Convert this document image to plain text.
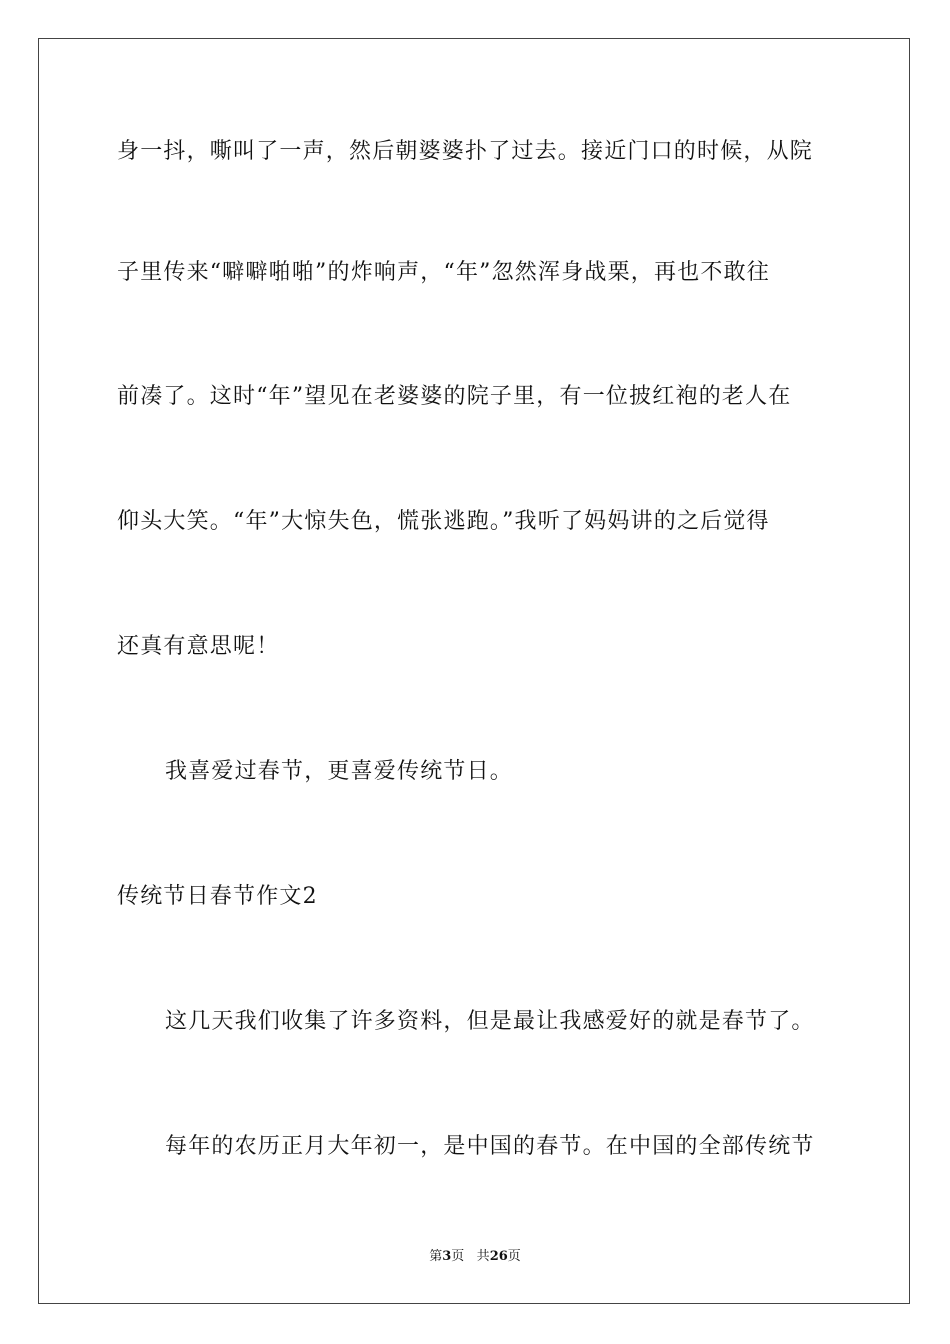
身一抖，嘶叫了一声，然后朝婆婆扑了过去。接近门口的时候，从院
子里传来“噼噼啪啪”的炸响声，“年”忽然浑身战栗，再也不敢往
前凑了。这时“年”望见在老婆婆的院子里，有一位披红袍的老人在
仰头大笑。“年”大惊失色，慌张逃跑。”我听了妈妈讲的之后觉得
还真有意思呢！
我喜爱过春节，更喜爱传统节日。
传统节日春节作文2
这几天我们收集了许多资料，但是最让我感爱好的就是春节了。
每年的农历正月大年初一，是中国的春节。在中国的全部传统节
第3页 共26页
